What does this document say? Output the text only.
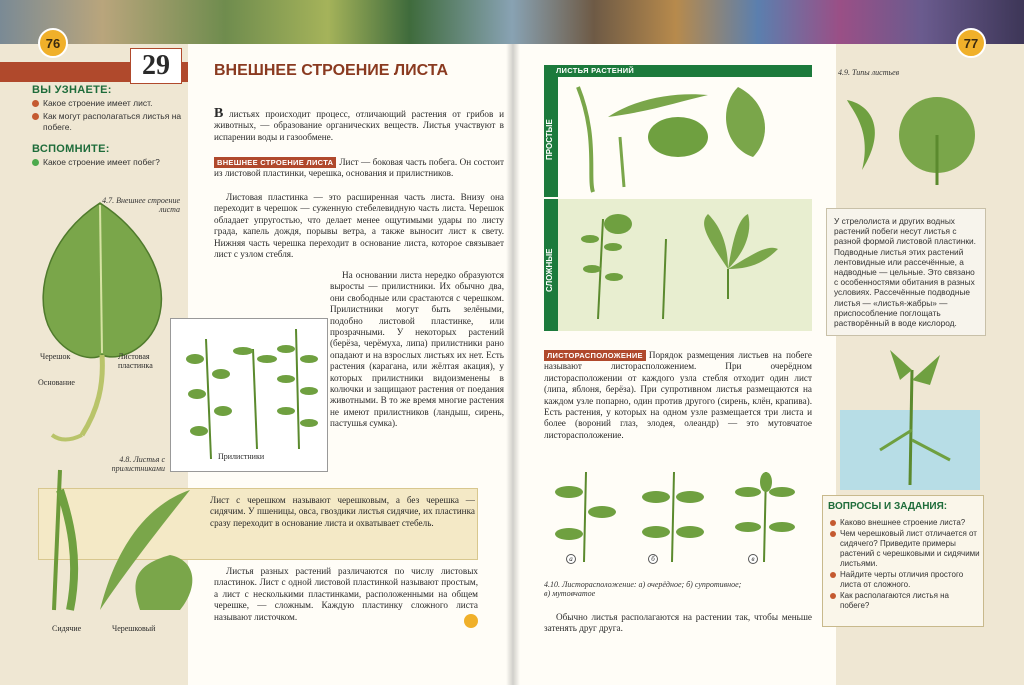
76	77
29
ВЫ УЗНАЕТЕ:
Какое строение имеет лист.
Как могут располагаться листья на побеге.
ВСПОМНИТЕ:
Какое строение имеет побег?
ВНЕШНЕЕ СТРОЕНИЕ ЛИСТА
В листьях происходит процесс, отличающий растения от грибов и животных, — образование органических веществ. Листья участвуют в испарении воды и газообмене.
ВНЕШНЕЕ СТРОЕНИЕ ЛИСТА Лист — боковая часть побега. Он состоит из листовой пластинки, черешка, основания и прилистников.
Листовая пластинка — это расширенная часть листа. Внизу она переходит в черешок — суженную стебелевидную часть листа. Черешок обладает упругостью, что делает менее ощутимыми удары по листу града, капель дождя, порывы ветра, а также выносит лист к свету. Нижняя часть черешка переходит в основание листа, которое связывает лист с узлом стебля.
На основании листа нередко образуются выросты — прилистники. Их обычно два, они свободные или срастаются с черешком. Прилистники могут быть зелёными, подобно листовой пластинке, или прозрачными. У некоторых растений (берёза, черёмуха, липа) прилистники рано опадают и на взрослых листьях их нет. Есть растения (карагана, или жёлтая акация), у которых прилистники видоизменены в колючки и защищают растения от поедания животными. В то же время многие растения не имеют прилистников (ландыш, сирень, пастушья сумка).
4.7. Внешнее строение листа
Черешок	Листовая пластинка
Основание
Прилистники
4.8. Листья с прилистниками
Сидячие	Черешковый
Лист с черешком называют черешковым, а без черешка — сидячим. У пшеницы, овса, гвоздики листья сидячие, их пластинка сразу переходит в основание листа и охватывает стебель.
Листья разных растений различаются по числу листовых пластинок. Лист с одной листовой пластинкой называют простым, а лист с несколькими пластинками, расположенными на общем черешке, — сложным. Каждую пластинку сложного листа называют листочком.
ЛИСТЬЯ РАСТЕНИЙ
ПРОСТЫЕ
СЛОЖНЫЕ
4.9. Типы листьев
У стрелолиста и других водных растений побеги несут листья с разной формой листовой пластинки. Подводные листья этих растений лентовидные или рассечённые, а надводные — цельные. Это связано с особенностями обитания в разных условиях. Рассечённые подводные листья — «листья-жабры» — приспособление поглощать растворённый в воде кислород.
ЛИСТОРАСПОЛОЖЕНИЕ Порядок размещения листьев на побеге называют листорасположением. При очерёдном листорасположении от каждого узла стебля отходит один лист (липа, яблоня, берёза). При супротивном листья размещаются на каждом узле попарно, один против другого (сирень, клён, крапива). Есть растения, у которых на одном узле размещается три листа и более (вороний глаз, элодея, олеандр) — это мутовчатое листорасположение.
а	б	в
4.10. Листорасположение: а) очерёдное; б) супротивное; в) мутовчатое
Обычно листья располагаются на растении так, чтобы меньше затенять друг друга.
ВОПРОСЫ И ЗАДАНИЯ:
Каково внешнее строение листа?
Чем черешковый лист отличается от сидячего? Приведите примеры растений с черешковыми и сидячими листьями.
Найдите черты отличия простого листа от сложного.
Как располагаются листья на побеге?
